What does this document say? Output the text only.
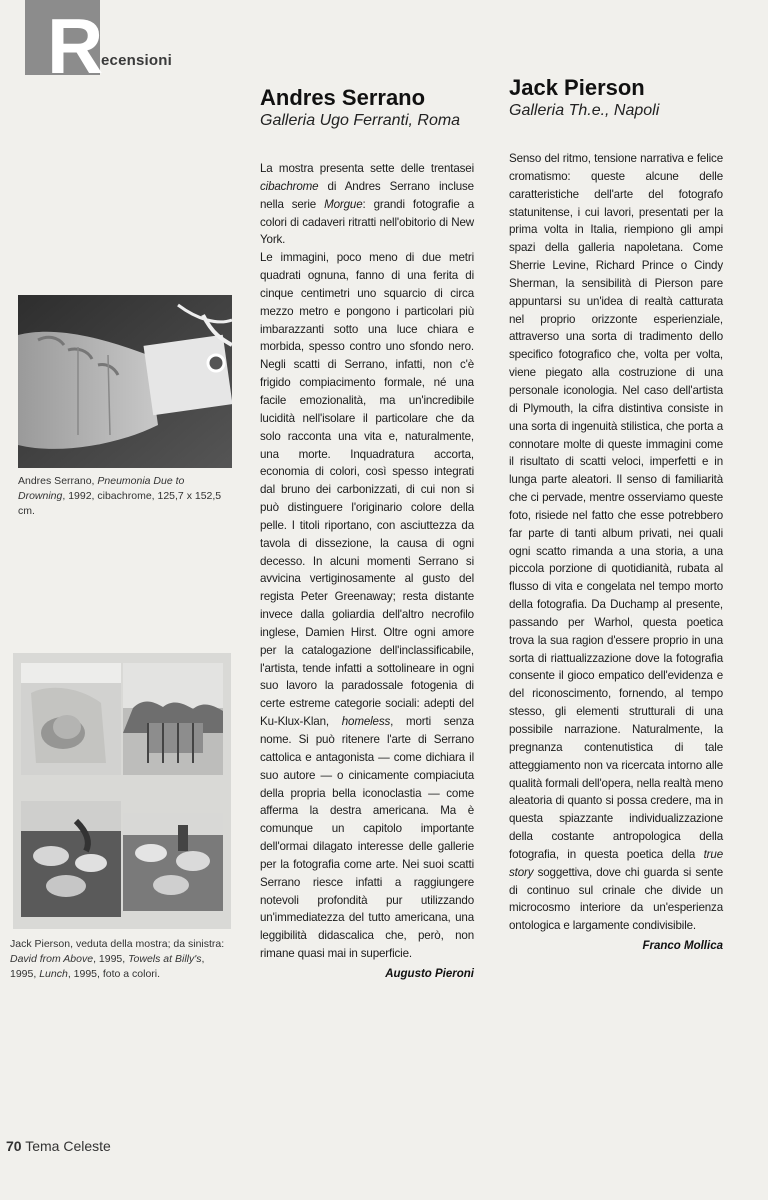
R
ecensioni
Andres Serrano, Pneumonia Due to Drowning, 1992, cibachrome, 125,7 x 152,5 cm.
Jack Pierson, veduta della mostra; da sinistra: David from Above, 1995, Towels at Billy's, 1995, Lunch, 1995, foto a colori.
Andres Serrano
Galleria Ugo Ferranti, Roma

La mostra presenta sette delle trentasei cibachrome di Andres Serrano incluse nella serie Morgue: grandi fotografie a colori di cadaveri ritratti nell'obitorio di New York.

Le immagini, poco meno di due metri quadrati ognuna, fanno di una ferita di cinque centimetri uno squarcio di circa mezzo metro e pongono i particolari più imbarazzanti sotto una luce chiara e morbida, spesso contro uno sfondo nero. Negli scatti di Serrano, infatti, non c'è frigido compiacimento formale, né una facile emozionalità, ma un'incredibile lucidità nell'isolare il particolare che da solo racconta una vita e, naturalmente, una morte. Inquadratura accorta, economia di colori, così spesso integrati dal bruno dei carbonizzati, di cui non si può distinguere l'originario colore della pelle. I titoli riportano, con asciuttezza da tavola di dissezione, la causa di ogni decesso. In alcuni momenti Serrano si avvicina vertiginosamente al gusto del regista Peter Greenaway; resta distante invece dalla goliardia dell'altro necrofilo inglese, Damien Hirst. Oltre ogni amore per la catalogazione dell'inclassificabile, l'artista, tende infatti a sottolineare in ogni suo lavoro la paradossale fotogenia di certe estreme categorie sociali: adepti del Ku-Klux-Klan, homeless, morti senza nome. Si può ritenere l'arte di Serrano cattolica e antagonista — come dichiara il suo autore — o cinicamente compiaciuta della propria bella iconoclastia — come afferma la destra americana. Ma è comunque un capitolo importante dell'ormai dilagato interesse delle gallerie per la fotografia come arte. Nei suoi scatti Serrano riesce infatti a raggiungere notevoli profondità pur utilizzando un'immediatezza del tutto americana, una leggibilità didascalica che, però, non rimane quasi mai in superficie.

Augusto Pieroni
Jack Pierson
Galleria Th.e., Napoli

Senso del ritmo, tensione narrativa e felice cromatismo: queste alcune delle caratteristiche dell'arte del fotografo statunitense, i cui lavori, presentati per la prima volta in Italia, riempiono gli ampi spazi della galleria napoletana. Come Sherrie Levine, Richard Prince o Cindy Sherman, la sensibilità di Pierson pare appuntarsi su un'idea di realtà catturata nel proprio orizzonte esperienziale, attraverso una sorta di tradimento dello specifico fotografico che, volta per volta, viene piegato alla costruzione di una personale iconologia. Nel caso dell'artista di Plymouth, la cifra distintiva consiste in una sorta di ingenuità stilistica, che porta a connotare molte di queste immagini come il risultato di scatti veloci, imperfetti e in lunga parte aleatori. Il senso di familiarità che ci pervade, mentre osserviamo queste foto, risiede nel fatto che esse potrebbero far parte di tanti album privati, nei quali ogni scatto rimanda a una storia, a una piccola porzione di quotidianità, rubata al flusso di vita e congelata nel tempo morto della fotografia. Da Duchamp al presente, passando per Warhol, questa poetica trova la sua ragion d'essere proprio in una sorta di riattualizzazione dove la fotografia consente il gioco empatico dell'evidenza e del riconoscimento, fornendo, al tempo stesso, gli elementi strutturali di una possibile narrazione. Naturalmente, la pregnanza contenutistica di tale atteggiamento non va ricercata intorno alle qualità formali dell'opera, nella realtà meno aleatoria di quanto si possa credere, ma in questa spiazzante individualizzazione della costante antropologica della fotografia, in questa poetica della true story soggettiva, dove chi guarda si sente di continuo sul crinale che divide un microcosmo interiore da un'esperienza ontologica e largamente condivisibile.

Franco Mollica
70 Tema Celeste
